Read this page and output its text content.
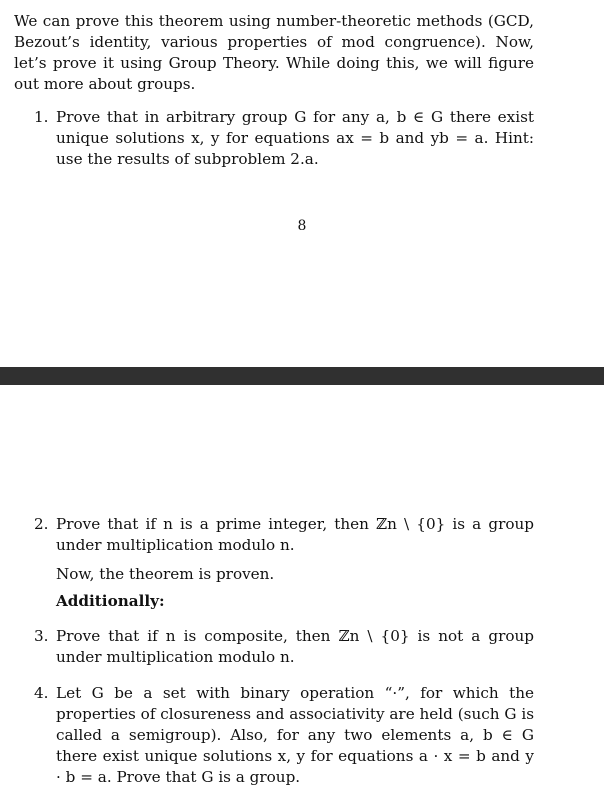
We can prove this theorem using number-theoretic methods (GCD, Bezout’s identity, various properties of mod congruence). Now, let’s prove it using Group Theory. While doing this, we will figure out more about groups.
1. Prove that in arbitrary group G for any a, b ∈ G there exist unique solutions x, y for equations ax = b and yb = a. Hint: use the results of subproblem 2.a.
8
2. Prove that if n is a prime integer, then ℤn \ {0} is a group under multiplication modulo n.
Now, the theorem is proven.
Additionally:
3. Prove that if n is composite, then ℤn \ {0} is not a group under multiplication modulo n.
4. Let G be a set with binary operation “·”, for which the properties of closureness and associativity are held (such G is called a semigroup). Also, for any two elements a, b ∈ G there exist unique solutions x, y for equations a · x = b and y · b = a. Prove that G is a group.
